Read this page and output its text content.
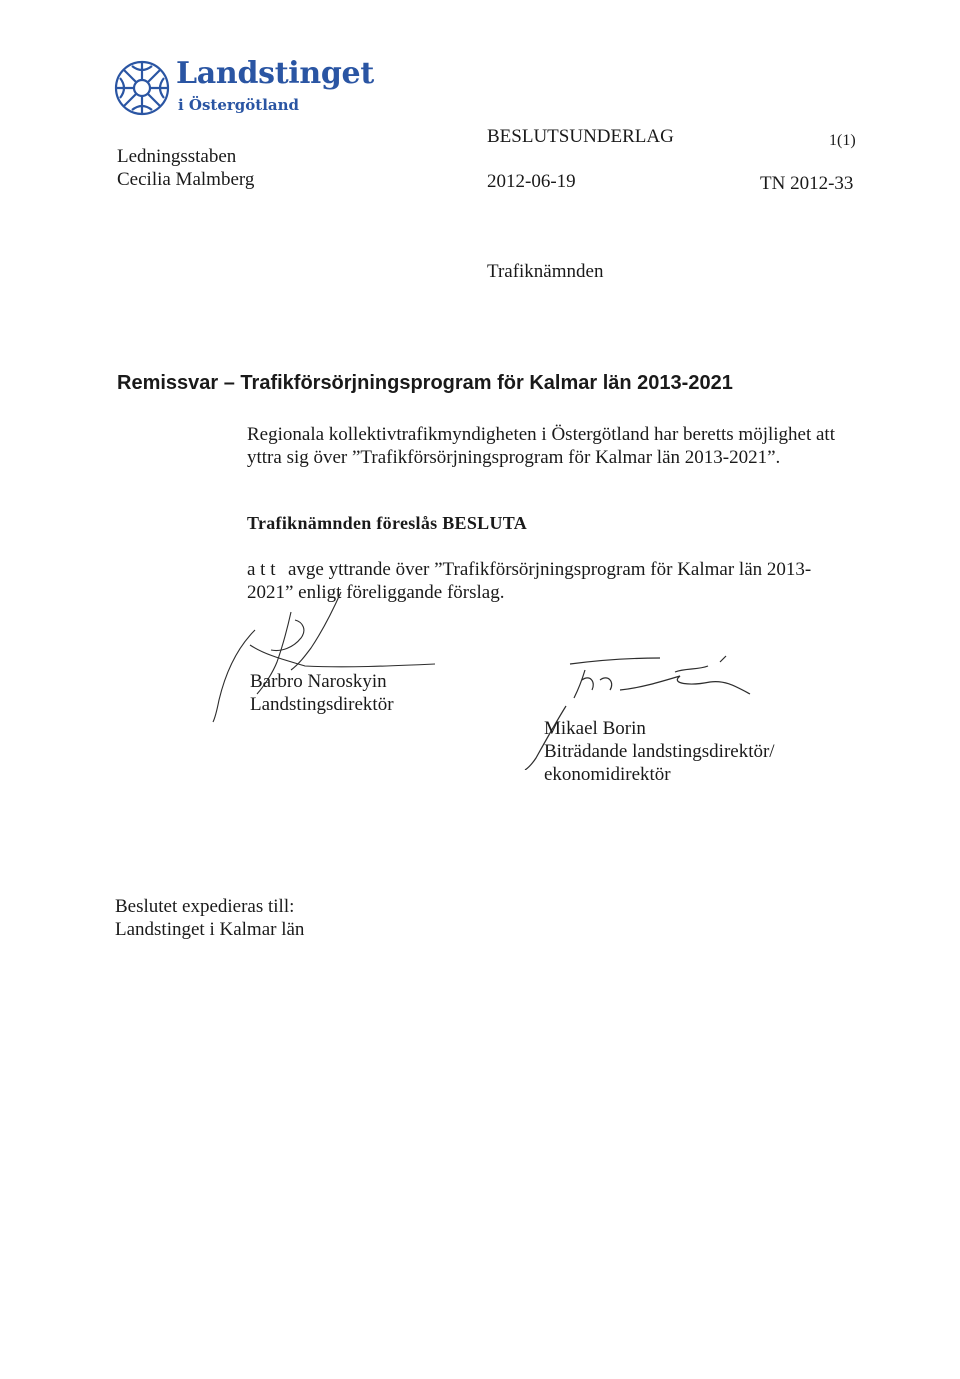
Landstinget
i Östergötland
Ledningsstaben
Cecilia Malmberg
BESLUTSUNDERLAG	1(1)
2012-06-19	TN 2012-33
Trafiknämnden
Remissvar – Trafikförsörjningsprogram för Kalmar län 2013-2021
Regionala kollektivtrafikmyndigheten i Östergötland har beretts möjlighet att
yttra sig över ”Trafikförsörjningsprogram för Kalmar län 2013-2021”.
Trafiknämnden föreslås BESLUTA
a t t avge yttrande över ”Trafikförsörjningsprogram för Kalmar län 2013-
2021” enligt föreliggande förslag.
Barbro Naroskyin
Landstingsdirektör
Mikael Borin
Biträdande landstingsdirektör/
ekonomidirektör
Beslutet expedieras till:
Landstinget i Kalmar län
